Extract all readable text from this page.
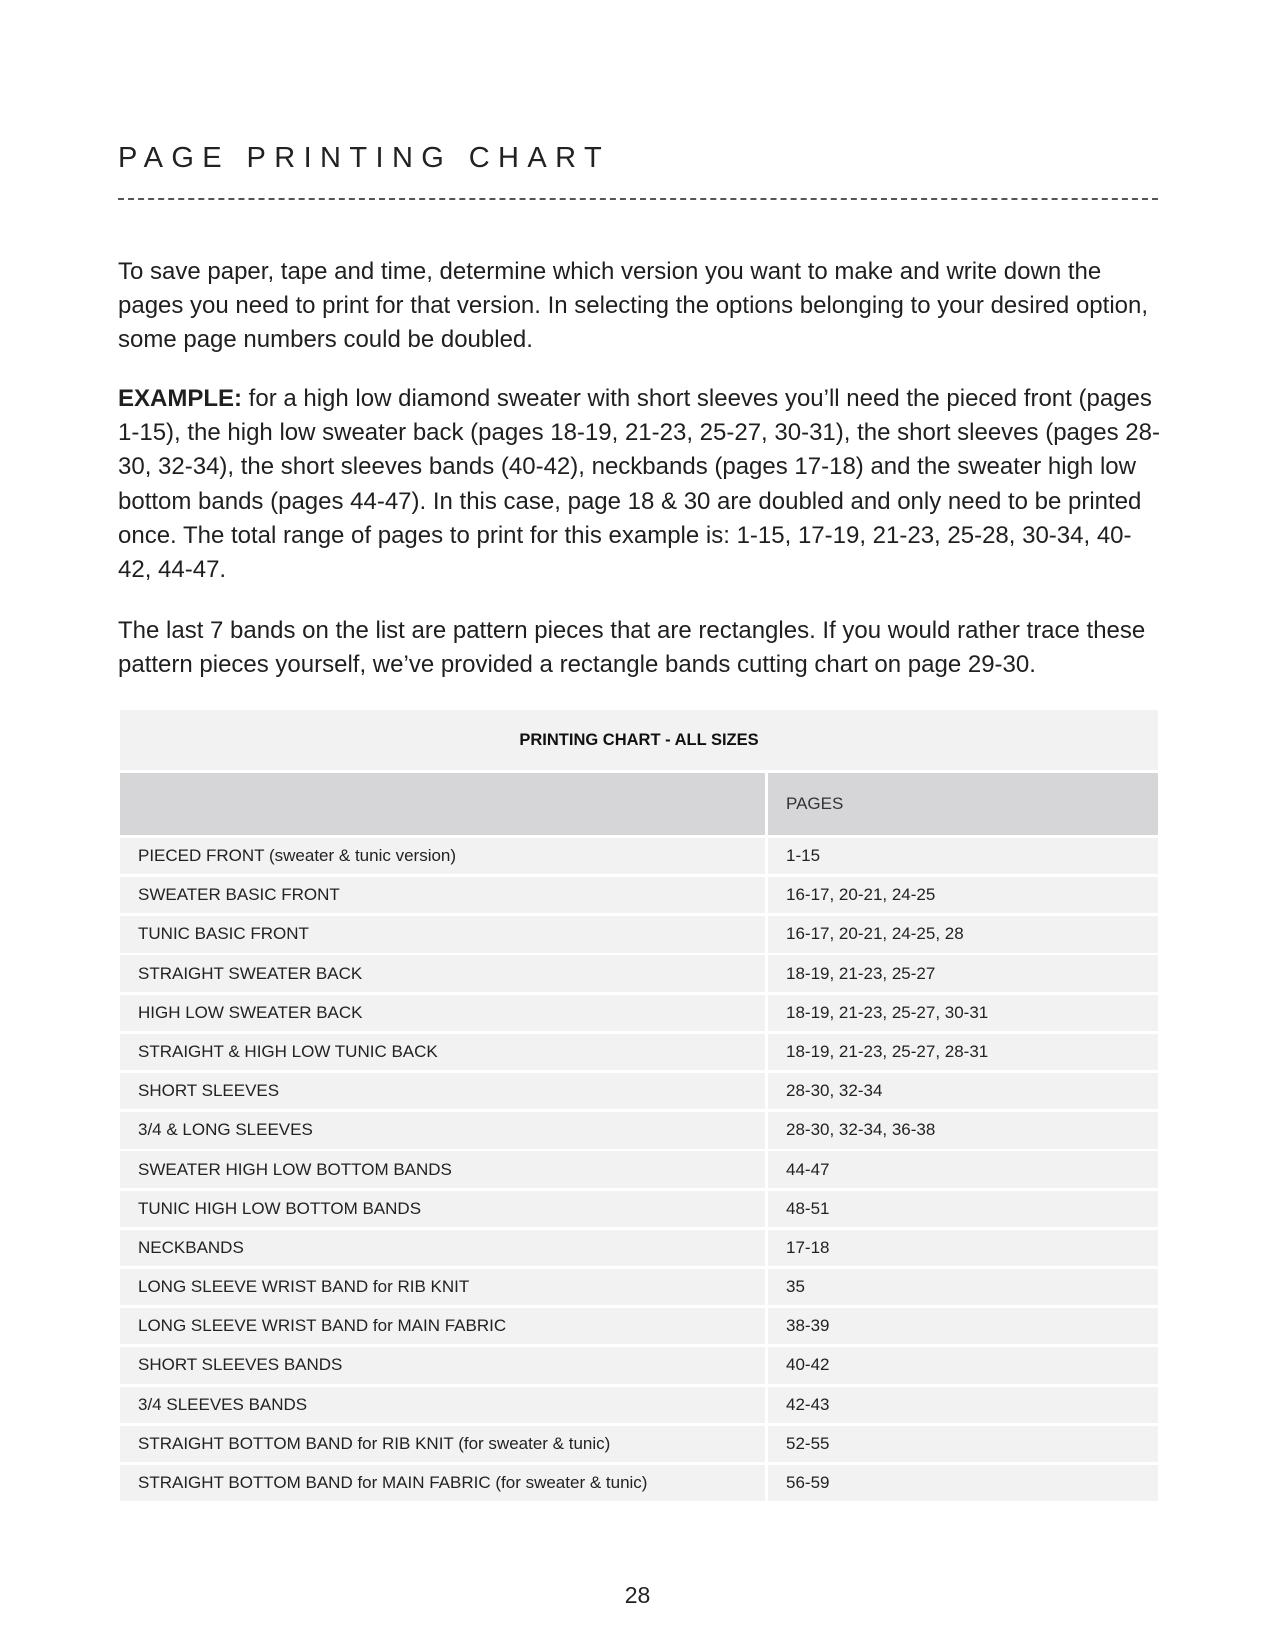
PAGE PRINTING CHART

To save paper, tape and time, determine which version you want to make and write down the pages you need to print for that version. In selecting the options belonging to your desired option, some page numbers could be doubled.

EXAMPLE: for a high low diamond sweater with short sleeves you’ll need the pieced front (pages 1-15), the high low sweater back (pages 18-19, 21-23, 25-27, 30-31), the short sleeves (pages 28-30, 32-34), the short sleeves bands (40-42), neckbands (pages 17-18) and the sweater high low bottom bands (pages 44-47). In this case, page 18 & 30 are doubled and only need to be printed once. The total range of pages to print for this example is: 1-15, 17-19, 21-23, 25-28, 30-34, 40-42, 44-47.

The last 7 bands on the list are pattern pieces that are rectangles. If you would rather trace these pattern pieces yourself, we’ve provided a rectangle bands cutting chart on page 29-30.

PRINTING CHART - ALL SIZES
PAGES
PIECED FRONT (sweater & tunic version)	1-15
SWEATER BASIC FRONT	16-17, 20-21, 24-25
TUNIC BASIC FRONT	16-17, 20-21, 24-25, 28
STRAIGHT SWEATER BACK	18-19, 21-23, 25-27
HIGH LOW SWEATER BACK	18-19, 21-23, 25-27, 30-31
STRAIGHT & HIGH LOW TUNIC BACK	18-19, 21-23, 25-27, 28-31
SHORT SLEEVES	28-30, 32-34
3/4 & LONG SLEEVES	28-30, 32-34, 36-38
SWEATER HIGH LOW BOTTOM BANDS	44-47
TUNIC HIGH LOW BOTTOM BANDS	48-51
NECKBANDS	17-18
LONG SLEEVE WRIST BAND for RIB KNIT	35
LONG SLEEVE WRIST BAND for MAIN FABRIC	38-39
SHORT SLEEVES BANDS	40-42
3/4 SLEEVES BANDS	42-43
STRAIGHT BOTTOM BAND for RIB KNIT (for sweater & tunic)	52-55
STRAIGHT BOTTOM BAND for MAIN FABRIC (for sweater & tunic)	56-59
28
